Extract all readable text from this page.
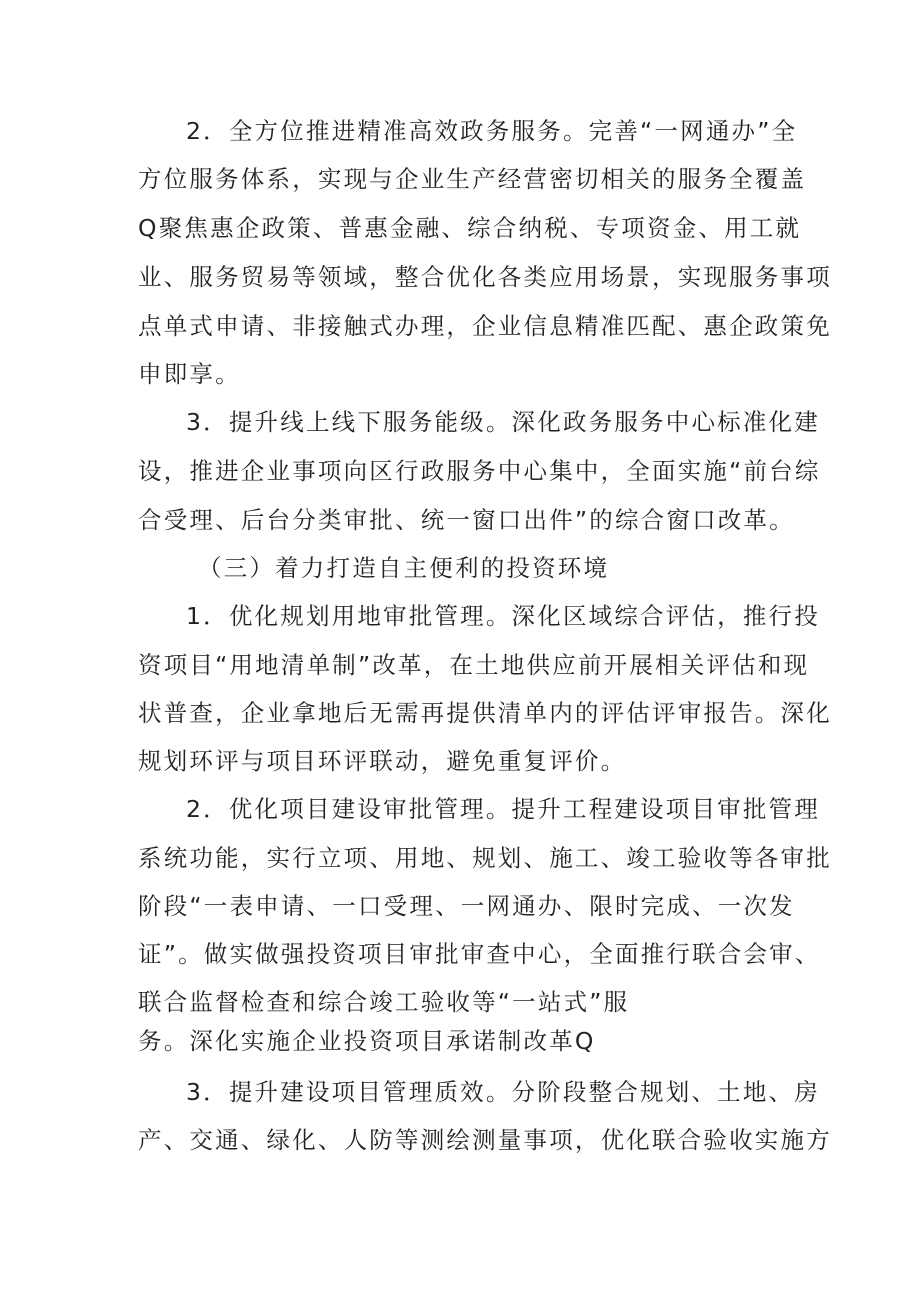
2．全方位推进精准高效政务服务。完善“一网通办”全
方位服务体系，实现与企业生产经营密切相关的服务全覆盖
Q聚焦惠企政策、普惠金融、综合纳税、专项资金、用工就
业、服务贸易等领域，整合优化各类应用场景，实现服务事项
点单式申请、非接触式办理，企业信息精准匹配、惠企政策免
申即享。
3．提升线上线下服务能级。深化政务服务中心标准化建
设，推进企业事项向区行政服务中心集中，全面实施“前台综
合受理、后台分类审批、统一窗口出件”的综合窗口改革。
（三）着力打造自主便利的投资环境
1．优化规划用地审批管理。深化区域综合评估，推行投
资项目“用地清单制”改革，在土地供应前开展相关评估和现
状普查，企业拿地后无需再提供清单内的评估评审报告。深化
规划环评与项目环评联动，避免重复评价。
2．优化项目建设审批管理。提升工程建设项目审批管理
系统功能，实行立项、用地、规划、施工、竣工验收等各审批
阶段“一表申请、一口受理、一网通办、限时完成、一次发
证”。做实做强投资项目审批审查中心，全面推行联合会审、
联合监督检查和综合竣工验收等“一站式”服
务。深化实施企业投资项目承诺制改革Q
3．提升建设项目管理质效。分阶段整合规划、土地、房
产、交通、绿化、人防等测绘测量事项，优化联合验收实施方
